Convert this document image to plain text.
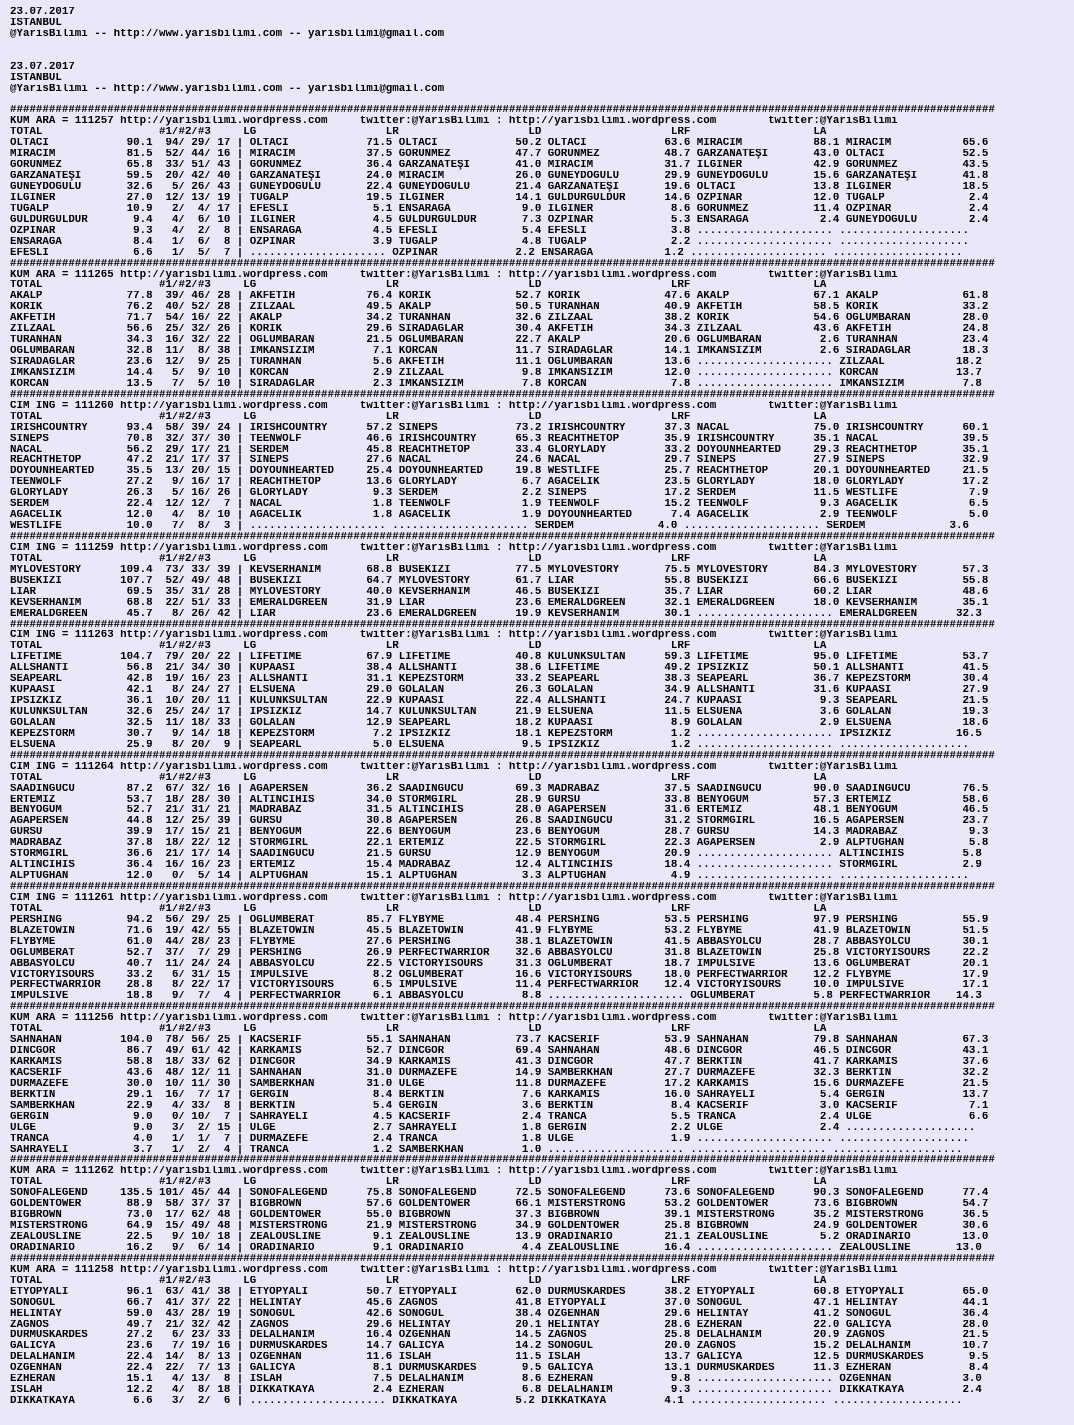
23.07.2017
ISTANBUL
@YarisBilimi -- http://www.yarisbilimi.com -- yarisbilimi@gmail.com

23.07.2017
ISTANBUL
@YarisBilimi -- http://www.yarisbilimi.com -- yarisbilimi@gmail.com

########################################################################################################################################################
KUM ARA = 111257 http://yarisbilimi.wordpress.com     twitter:@YarisBilimi : http://yarisbilimi.wordpress.com        twitter:@YarisBilimi
TOTAL                  #1/#2/#3     LG                    LR                    LD                    LRF                   LA
OLTACI            90.1  94/ 29/ 17 | OLTACI            71.5 OLTACI            50.2 OLTACI            63.6 MIRACIM           88.1 MIRACIM           65.6
MIRACIM           81.5  52/ 44/ 16 | MIRACIM           37.5 GORUNMEZ          47.7 GORUNMEZ          48.7 GARZANATEŞİ       43.0 OLTACI            52.5
GORUNMEZ          65.8  33/ 51/ 43 | GORUNMEZ          36.4 GARZANATEŞİ       41.0 MIRACIM           31.7 ILGINER           42.9 GORUNMEZ          43.5
GARZANATEŞİ       59.5  20/ 42/ 40 | GARZANATEŞİ       24.0 MIRACIM           26.0 GUNEYDOGULU       29.9 GUNEYDOGULU       15.6 GARZANATEŞİ       41.8
GUNEYDOGULU       32.6   5/ 26/ 43 | GUNEYDOGULU       22.4 GUNEYDOGULU       21.4 GARZANATEŞİ       19.6 OLTACI            13.8 ILGINER           18.5
ILGINER           27.0  12/ 13/ 19 | TUGALP            19.5 ILGINER           14.1 GULDURGULDUR      14.6 OZPINAR           12.0 TUGALP             2.4
TUGALP            10.9   2/  4/ 17 | EFESLI             5.1 ENSARAGA           9.0 ILGINER            8.6 GORUNMEZ          11.4 OZPINAR            2.4
GULDURGULDUR       9.4   4/  6/ 10 | ILGINER            4.5 GULDURGULDUR       7.3 OZPINAR            5.3 ENSARAGA           2.4 GUNEYDOGULU        2.4
OZPINAR            9.3   4/  2/  8 | ENSARAGA           4.5 EFESLI             5.4 EFESLI             3.8 ..................... ....................
ENSARAGA           8.4   1/  6/  8 | OZPINAR            3.9 TUGALP             4.8 TUGALP             2.2 ..................... ....................
EFESLI             6.6   1/  5/  7 | ..................... OZPINAR            2.2 ENSARAGA           1.2 ..................... ....................
########################################################################################################################################################
KUM ARA = 111265 http://yarisbilimi.wordpress.com     twitter:@YarisBilimi : http://yarisbilimi.wordpress.com        twitter:@YarisBilimi
TOTAL                  #1/#2/#3     LG                    LR                    LD                    LRF                   LA
AKALP             77.8  39/ 46/ 28 | AKFETİH           76.4 KORİK             52.7 KORİK             47.6 AKALP             67.1 AKALP             61.8
KORİK             76.2  40/ 52/ 28 | ZILZAAL           49.5 AKALP             50.5 TURANHAN          40.9 AKFETİH           58.5 KORİK             33.2
AKFETİH           71.7  54/ 16/ 22 | AKALP             34.2 TURANHAN          32.6 ZILZAAL           38.2 KORİK             54.6 OGLUMBARAN        28.0
ZILZAAL           56.6  25/ 32/ 26 | KORİK             29.6 SIRADAGLAR        30.4 AKFETİH           34.3 ZILZAAL           43.6 AKFETİH           24.8
TURANHAN          34.3  16/ 32/ 22 | OGLUMBARAN        21.5 OGLUMBARAN        22.7 AKALP             20.6 OGLUMBARAN         2.6 TURANHAN          23.4
OGLUMBARAN        32.8  11/  8/ 38 | IMKANSIZIM         7.1 KORCAN            11.7 SIRADAGLAR        14.1 IMKANSIZIM         2.6 SIRADAGLAR        18.3
SIRADAGLAR        23.6  12/  9/ 25 | TURANHAN           5.6 AKFETİH           11.1 OGLUMBARAN        13.6 ..................... ZILZAAL           18.2
IMKANSIZIM        14.4   5/  9/ 10 | KORCAN             2.9 ZILZAAL            9.8 IMKANSIZIM        12.0 ..................... KORCAN            13.7
KORCAN            13.5   7/  5/ 10 | SIRADAGLAR         2.3 IMKANSIZIM         7.8 KORCAN             7.8 ..................... IMKANSIZIM         7.8
########################################################################################################################################################
CIM ING = 111260 http://yarisbilimi.wordpress.com     twitter:@YarisBilimi : http://yarisbilimi.wordpress.com        twitter:@YarisBilimi
TOTAL                  #1/#2/#3     LG                    LR                    LD                    LRF                   LA
IRISHCOUNTRY      93.4  58/ 39/ 24 | IRISHCOUNTRY      57.2 SINEPS            73.2 IRISHCOUNTRY      37.3 NACAL             75.0 IRISHCOUNTRY      60.1
SINEPS            70.8  32/ 37/ 30 | TEENWOLF          46.6 IRISHCOUNTRY      65.3 REACHTHETOP       35.9 IRISHCOUNTRY      35.1 NACAL             39.5
NACAL             56.2  29/ 17/ 21 | SERDEM            45.8 REACHTHETOP       33.4 GLORYLADY         33.2 DOYOUNHEARTED     29.3 REACHTHETOP       35.1
REACHTHETOP       47.2  21/ 17/ 37 | SINEPS            27.6 NACAL             24.6 NACAL             29.7 SINEPS            27.9 SINEPS            32.9
DOYOUNHEARTED     35.5  13/ 20/ 15 | DOYOUNHEARTED     25.4 DOYOUNHEARTED     19.8 WESTLIFE          25.7 REACHTHETOP       20.1 DOYOUNHEARTED     21.5
TEENWOLF          27.2   9/ 16/ 17 | REACHTHETOP       13.6 GLORYLADY          6.7 AGACELIK          23.5 GLORYLADY         18.0 GLORYLADY         17.2
GLORYLADY         26.3   5/ 16/ 26 | GLORYLADY          9.3 SERDEM             2.2 SINEPS            17.2 SERDEM            11.5 WESTLIFE           7.9
SERDEM            22.4  12/ 12/  7 | NACAL              1.8 TEENWOLF           1.9 TEENWOLF          15.2 TEENWOLF           9.3 AGACELIK           6.5
AGACELIK          12.0   4/  8/ 10 | AGACELIK           1.8 AGACELIK           1.9 DOYOUNHEARTED      7.4 AGACELIK           2.9 TEENWOLF           5.0
WESTLIFE          10.0   7/  8/  3 | ..................... ..................... SERDEM             4.0 ..................... SERDEM             3.6
########################################################################################################################################################
CIM ING = 111259 http://yarisbilimi.wordpress.com     twitter:@YarisBilimi : http://yarisbilimi.wordpress.com        twitter:@YarisBilimi
TOTAL                  #1/#2/#3     LG                    LR                    LD                    LRF                   LA
MYLOVESTORY      109.4  73/ 33/ 39 | KEVSERHANIM       68.8 BUSEKIZI          77.5 MYLOVESTORY       75.5 MYLOVESTORY       84.3 MYLOVESTORY       57.3
BUSEKIZI         107.7  52/ 49/ 48 | BUSEKIZI          64.7 MYLOVESTORY       61.7 LIAR              55.8 BUSEKIZI          66.6 BUSEKIZI          55.8
LIAR              69.5  35/ 31/ 28 | MYLOVESTORY       40.0 KEVSERHANIM       46.5 BUSEKIZI          35.7 LIAR              60.2 LIAR              48.6
KEVSERHANIM       68.8  22/ 51/ 33 | EMERALDGREEN      31.9 LIAR              23.6 EMERALDGREEN      32.1 EMERALDGREEN      18.0 KEVSERHANIM       35.1
EMERALDGREEN      45.7   8/ 26/ 42 | LIAR              23.6 EMERALDGREEN      19.9 KEVSERHANIM       30.1 ..................... EMERALDGREEN      32.3
########################################################################################################################################################
CIM ING = 111263 http://yarisbilimi.wordpress.com     twitter:@YarisBilimi : http://yarisbilimi.wordpress.com        twitter:@YarisBilimi
TOTAL                  #1/#2/#3     LG                    LR                    LD                    LRF                   LA
LIFETIME         104.7  79/ 20/ 22 | LIFETIME          67.9 LIFETIME          40.8 KULUNKSULTAN      59.3 LIFETIME          95.0 LIFETIME          53.7
ALLSHANTI         56.8  21/ 34/ 30 | KUPAASI           38.4 ALLSHANTI         38.6 LIFETIME          49.2 IPSIZKIZ          50.1 ALLSHANTI         41.5
SEAPEARL          42.8  19/ 16/ 23 | ALLSHANTI         31.1 KEPEZSTORM        33.2 SEAPEARL          38.3 SEAPEARL          36.7 KEPEZSTORM        30.4
KUPAASI           42.1   8/ 24/ 27 | ELSUENA           29.0 GOLALAN           26.3 GOLALAN           34.9 ALLSHANTI         31.6 KUPAASI           27.9
IPSIZKIZ          36.1  10/ 20/ 11 | KULUNKSULTAN      22.9 KUPAASI           22.4 ALLSHANTI         24.7 KUPAASI            9.3 SEAPEARL          21.5
KULUNKSULTAN      32.6  25/ 24/ 17 | IPSIZKIZ          14.7 KULUNKSULTAN      21.9 ELSUENA           11.5 ELSUENA            3.6 GOLALAN           19.3
GOLALAN           32.5  11/ 18/ 33 | GOLALAN           12.9 SEAPEARL          18.2 KUPAASI            8.9 GOLALAN            2.9 ELSUENA           18.6
KEPEZSTORM        30.7   9/ 14/ 18 | KEPEZSTORM         7.2 IPSIZKIZ          18.1 KEPEZSTORM         1.2 ..................... IPSIZKIZ          16.5
ELSUENA           25.9   8/ 20/  9 | SEAPEARL           5.0 ELSUENA            9.5 IPSIZKIZ           1.2 ..................... ....................
########################################################################################################################################################
CIM ING = 111264 http://yarisbilimi.wordpress.com     twitter:@YarisBilimi : http://yarisbilimi.wordpress.com        twitter:@YarisBilimi
TOTAL                  #1/#2/#3     LG                    LR                    LD                    LRF                   LA
SAADINGUCU        87.2  67/ 32/ 16 | AGAPERSEN         36.2 SAADINGUCU        69.3 MADRABAZ          37.5 SAADINGUCU        90.0 SAADINGUCU        76.5
ERTEMIZ           53.7  18/ 28/ 30 | ALTINCIHIS        34.0 STORMGIRL         28.9 GURSU             33.8 BENYOGUM          57.3 ERTEMIZ           58.6
BENYOGUM          52.7  21/ 31/ 21 | MADRABAZ          31.5 ALTINCIHIS        28.0 AGAPERSEN         31.6 ERTEMIZ           48.1 BENYOGUM          46.5
AGAPERSEN         44.8  12/ 25/ 39 | GURSU             30.8 AGAPERSEN         26.8 SAADINGUCU        31.2 STORMGIRL         16.5 AGAPERSEN         23.7
GURSU             39.9  17/ 15/ 21 | BENYOGUM          22.6 BENYOGUM          23.6 BENYOGUM          28.7 GURSU             14.3 MADRABAZ           9.3
MADRABAZ          37.8  18/ 22/ 12 | STORMGIRL         22.1 ERTEMIZ           22.5 STORMGIRL         22.3 AGAPERSEN          2.9 ALPTUGHAN          5.8
STORMGIRL         36.6  21/ 17/ 14 | SAADINGUCU        21.5 GURSU             12.9 BENYOGUM          20.9 ..................... ALTINCIHIS         5.8
ALTINCIHIS        36.4  16/ 16/ 23 | ERTEMIZ           15.4 MADRABAZ          12.4 ALTINCIHIS        18.4 ..................... STORMGIRL          2.9
ALPTUGHAN         12.0   0/  5/ 14 | ALPTUGHAN         15.1 ALPTUGHAN          3.3 ALPTUGHAN          4.9 ..................... ....................
########################################################################################################################################################
CIM ING = 111261 http://yarisbilimi.wordpress.com     twitter:@YarisBilimi : http://yarisbilimi.wordpress.com        twitter:@YarisBilimi
TOTAL                  #1/#2/#3     LG                    LR                    LD                    LRF                   LA
PERSHING          94.2  56/ 29/ 25 | OGLUMBERAT        85.7 FLYBYME           48.4 PERSHING          53.5 PERSHING          97.9 PERSHING          55.9
BLAZETOWIN        71.6  19/ 42/ 55 | BLAZETOWIN        45.5 BLAZETOWIN        41.9 FLYBYME           53.2 FLYBYME           41.9 BLAZETOWIN        51.5
FLYBYME           61.0  44/ 28/ 23 | FLYBYME           27.6 PERSHING          38.1 BLAZETOWIN        41.5 ABBASYOLCU        28.7 ABBASYOLCU        30.1
OGLUMBERAT        52.7  37/  7/ 29 | PERSHING          26.9 PERFECTWARRIOR    32.6 ABBASYOLCU        31.8 BLAZETOWIN        25.8 VICTORYISOURS     22.2
ABBASYOLCU        40.7  11/ 24/ 24 | ABBASYOLCU        22.5 VICTORYISOURS     31.3 OGLUMBERAT        18.7 IMPULSIVE         13.6 OGLUMBERAT        20.1
VICTORYISOURS     33.2   6/ 31/ 15 | IMPULSIVE          8.2 OGLUMBERAT        16.6 VICTORYISOURS     18.0 PERFECTWARRIOR    12.2 FLYBYME           17.9
PERFECTWARRIOR    28.8   8/ 22/ 17 | VICTORYISOURS      6.5 IMPULSIVE         11.4 PERFECTWARRIOR    12.4 VICTORYISOURS     10.0 IMPULSIVE         17.1
IMPULSIVE         18.8   9/  7/  4 | PERFECTWARRIOR     6.1 ABBASYOLCU         8.8 ..................... OGLUMBERAT         5.8 PERFECTWARRIOR    14.3
########################################################################################################################################################
KUM ARA = 111256 http://yarisbilimi.wordpress.com     twitter:@YarisBilimi : http://yarisbilimi.wordpress.com        twitter:@YarisBilimi
TOTAL                  #1/#2/#3     LG                    LR                    LD                    LRF                   LA
SAHNAHAN         104.0  78/ 56/ 25 | KACSERIF          55.1 SAHNAHAN          73.7 KACSERIF          53.9 SAHNAHAN          79.8 SAHNAHAN          67.3
DINCGOR           86.7  49/ 61/ 42 | KARKAMIS          52.7 DINCGOR           69.4 SAHNAHAN          48.6 DINCGOR           46.5 DINCGOR           43.1
KARKAMIS          58.8  18/ 33/ 62 | DINCGOR           34.9 KARKAMIS          41.3 DINCGOR           47.7 BERKTIN           41.7 KARKAMIS          37.6
KACSERIF          43.6  48/ 12/ 11 | SAHNAHAN          31.0 DURMAZEFE         14.9 SAMBERKHAN        27.7 DURMAZEFE         32.3 BERKTIN           32.2
DURMAZEFE         30.0  10/ 11/ 30 | SAMBERKHAN        31.0 ULGE              11.8 DURMAZEFE         17.2 KARKAMIS          15.6 DURMAZEFE         21.5
BERKTIN           29.1  16/  7/ 17 | GERGIN             8.4 BERKTIN            7.6 KARKAMIS          16.0 SAHRAYELI          5.4 GERGIN            13.7
SAMBERKHAN        22.9   4/ 33/  8 | BERKTIN            5.4 GERGIN             3.6 BERKTIN            8.4 KACSERIF           3.0 KACSERIF           7.1
GERGIN             9.0   0/ 10/  7 | SAHRAYELI          4.5 KACSERIF           2.4 TRANCA             5.5 TRANCA             2.4 ULGE               6.6
ULGE               9.0   3/  2/ 15 | ULGE               2.7 SAHRAYELI          1.8 GERGIN             2.2 ULGE               2.4 ....................
TRANCA             4.0   1/  1/  7 | DURMAZEFE          2.4 TRANCA             1.8 ULGE               1.9 ..................... ....................
SAHRAYELI          3.7   1/  2/  4 | TRANCA             1.2 SAMBERKHAN         1.0 ..................... ..................... ....................
########################################################################################################################################################
KUM ARA = 111262 http://yarisbilimi.wordpress.com     twitter:@YarisBilimi : http://yarisbilimi.wordpress.com        twitter:@YarisBilimi
TOTAL                  #1/#2/#3     LG                    LR                    LD                    LRF                   LA
SONOFALEGEND     135.5 101/ 45/ 44 | SONOFALEGEND      75.8 SONOFALEGEND      72.5 SONOFALEGEND      73.6 SONOFALEGEND      90.3 SONOFALEGEND      77.4
GOLDENTOWER       88.9  58/ 37/ 37 | BIGBROWN          57.6 GOLDENTOWER       66.1 MISTERSTRONG      53.2 GOLDENTOWER       73.6 BIGBROWN          54.7
BIGBROWN          73.0  17/ 62/ 48 | GOLDENTOWER       55.0 BIGBROWN          37.3 BIGBROWN          39.1 MISTERSTRONG      35.2 MISTERSTRONG      36.5
MISTERSTRONG      64.9  15/ 49/ 48 | MISTERSTRONG      21.9 MISTERSTRONG      34.9 GOLDENTOWER       25.8 BIGBROWN          24.9 GOLDENTOWER       30.6
ZEALOUSLINE       22.5   9/ 10/ 18 | ZEALOUSLINE        9.1 ZEALOUSLINE       13.9 ORADINARIO        21.1 ZEALOUSLINE        5.2 ORADINARIO        13.0
ORADINARIO        16.2   9/  6/ 14 | ORADINARIO         9.1 ORADINARIO         4.4 ZEALOUSLINE       16.4 ..................... ZEALOUSLINE       13.0
########################################################################################################################################################
KUM ARA = 111258 http://yarisbilimi.wordpress.com     twitter:@YarisBilimi : http://yarisbilimi.wordpress.com        twitter:@YarisBilimi
TOTAL                  #1/#2/#3     LG                    LR                    LD                    LRF                   LA
ETYOPYALI         96.1  63/ 41/ 38 | ETYOPYALI         50.7 ETYOPYALI         62.0 DURMUSKARDES      38.2 ETYOPYALI         60.8 ETYOPYALI         65.0
SONOGUL           66.7  41/ 37/ 22 | HELINTAY          45.6 ZAGNOS            41.8 ETYOPYALI         37.0 SONOGUL           47.1 HELINTAY          44.1
HELINTAY          59.0  43/ 28/ 19 | SONOGUL           42.6 SONOGUL           38.4 OZGENHAN          29.6 HELINTAY          41.2 SONOGUL           36.4
ZAGNOS            49.7  21/ 32/ 42 | ZAGNOS            29.6 HELINTAY          20.1 HELINTAY          28.6 EZHERAN           22.0 GALICYA           28.0
DURMUSKARDES      27.2   6/ 23/ 33 | DELALHANIM        16.4 OZGENHAN          14.5 ZAGNOS            25.8 DELALHANIM        20.9 ZAGNOS            21.5
GALICYA           23.6   7/ 19/ 16 | DURMUSKARDES      14.7 GALICYA           14.2 SONOGUL           20.0 ZAGNOS            15.2 DELALHANIM        10.7
DELALHANIM        22.4  14/  8/ 13 | OZGENHAN          11.6 ISLAH             11.5 ISLAH             13.7 GALICYA           12.5 DURMUSKARDES       9.5
OZGENHAN          22.4  22/  7/ 13 | GALICYA            8.1 DURMUSKARDES       9.5 GALICYA           13.1 DURMUSKARDES      11.3 EZHERAN            8.4
EZHERAN           15.1   4/ 13/  8 | ISLAH              7.5 DELALHANIM         8.6 EZHERAN            9.8 ..................... OZGENHAN           3.0
ISLAH             12.2   4/  8/ 18 | DIKKATKAYA         2.4 EZHERAN            6.8 DELALHANIM         9.3 ..................... DIKKATKAYA         2.4
DIKKATKAYA         6.6   3/  2/  6 | ..................... DIKKATKAYA         5.2 DIKKATKAYA         4.1 ..................... ....................
